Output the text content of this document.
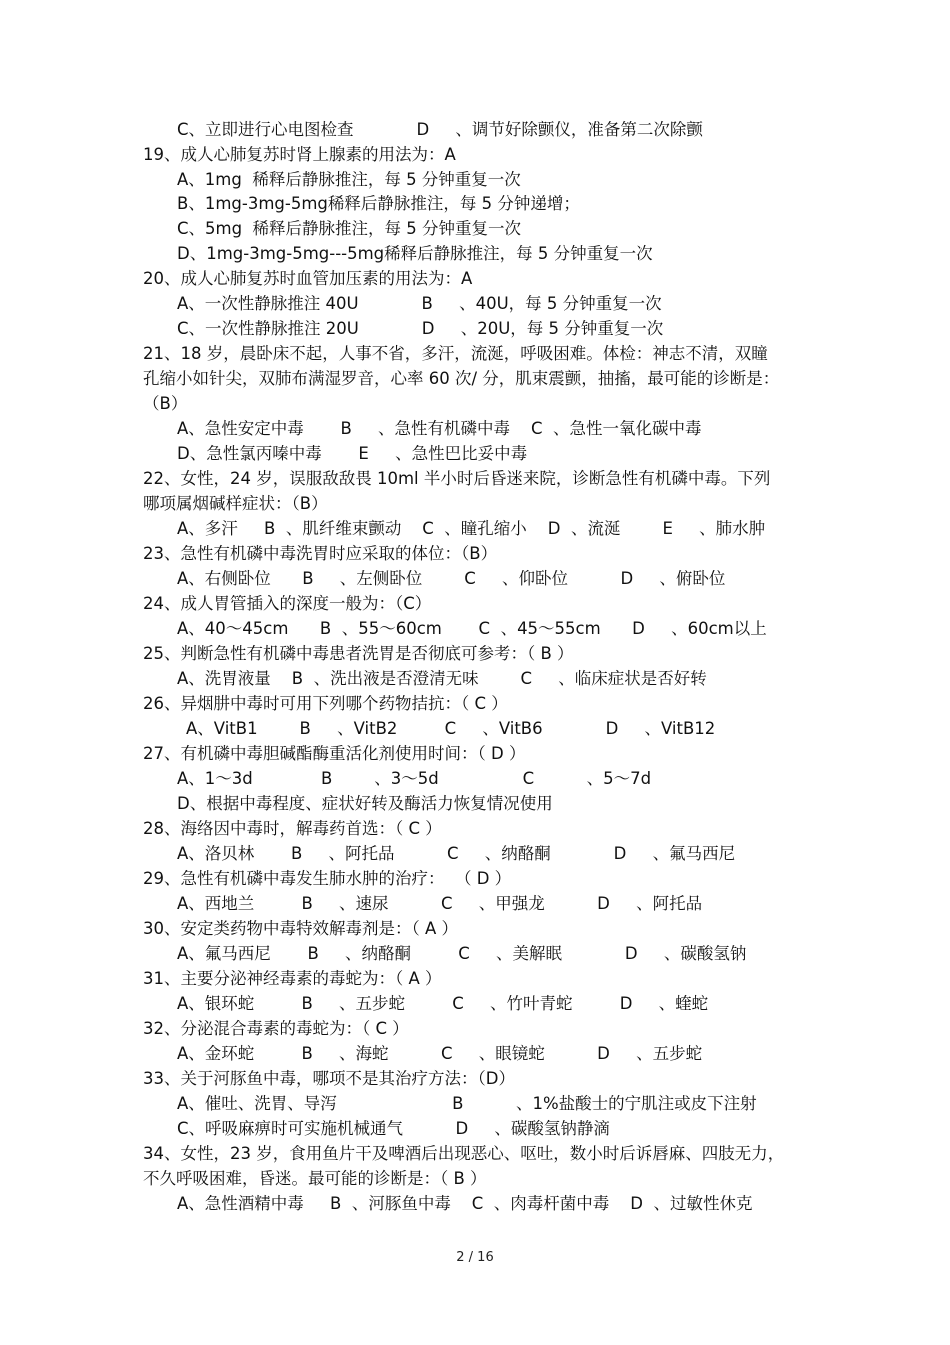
C、立即进行心电图检查            D     、调节好除颤仪，准备第二次除颤
19、成人心肺复苏时肾上腺素的用法为：A
A、1mg  稀释后静脉推注，每 5 分钟重复一次
B、1mg-3mg-5mg稀释后静脉推注，每 5 分钟递增；
C、5mg  稀释后静脉推注，每 5 分钟重复一次
D、1mg-3mg-5mg---5mg稀释后静脉推注，每 5 分钟重复一次
20、成人心肺复苏时血管加压素的用法为：A
A、一次性静脉推注 40U            B     、40U，每 5 分钟重复一次
C、一次性静脉推注 20U            D     、20U，每 5 分钟重复一次
21、18 岁，晨卧床不起，人事不省，多汗，流涎，呼吸困难。体检：神志不清，双瞳
孔缩小如针尖，双肺布满湿罗音，心率 60 次/ 分，肌束震颤，抽搐，最可能的诊断是：
（B）
A、急性安定中毒       B     、急性有机磷中毒    C  、急性一氧化碳中毒
D、急性氯丙嗪中毒       E     、急性巴比妥中毒
22、女性，24 岁，误服敌敌畏 10ml 半小时后昏迷来院，诊断急性有机磷中毒。下列
哪项属烟碱样症状：（B）
A、多汗     B  、肌纤维束颤动    C  、瞳孔缩小    D  、流涎        E     、肺水肿
23、急性有机磷中毒洗胃时应采取的体位：（B）
A、右侧卧位      B     、左侧卧位        C     、仰卧位          D     、俯卧位
24、成人胃管插入的深度一般为：（C）
A、40～45cm      B  、55～60cm       C  、45～55cm      D     、60cm以上
25、判断急性有机磷中毒患者洗胃是否彻底可参考：（ B ）
A、洗胃液量    B  、洗出液是否澄清无味        C     、临床症状是否好转
26、异烟肼中毒时可用下列哪个药物拮抗：（ C ）
A、VitB1        B     、VitB2         C     、VitB6            D     、VitB12
27、有机磷中毒胆碱酯酶重活化剂使用时间：（ D ）
A、1～3d             B        、3～5d                C          、5～7d
D、根据中毒程度、症状好转及酶活力恢复情况使用
28、海络因中毒时，解毒药首选：（ C ）
A、洛贝林       B     、阿托品          C     、纳酪酮            D     、氟马西尼
29、急性有机磷中毒发生肺水肿的治疗：  （ D ）
A、西地兰         B     、速尿          C     、甲强龙          D     、阿托品
30、安定类药物中毒特效解毒剂是：（ A ）
A、氟马西尼       B     、纳酪酮         C     、美解眠            D     、碳酸氢钠
31、主要分泌神经毒素的毒蛇为：（ A ）
A、银环蛇         B     、五步蛇         C     、竹叶青蛇         D     、蝰蛇
32、分泌混合毒素的毒蛇为：（ C ）
A、金环蛇         B     、海蛇          C     、眼镜蛇          D     、五步蛇
33、关于河豚鱼中毒，哪项不是其治疗方法：（D）
A、催吐、洗胃、导泻                      B          、1%盐酸士的宁肌注或皮下注射
C、呼吸麻痹时可实施机械通气          D     、碳酸氢钠静滴
34、女性，23 岁，食用鱼片干及啤酒后出现恶心、呕吐，数小时后诉唇麻、四肢无力，
不久呼吸困难，昏迷。最可能的诊断是：（ B ）
A、急性酒精中毒     B  、河豚鱼中毒    C  、肉毒杆菌中毒    D  、过敏性休克
2 / 16
